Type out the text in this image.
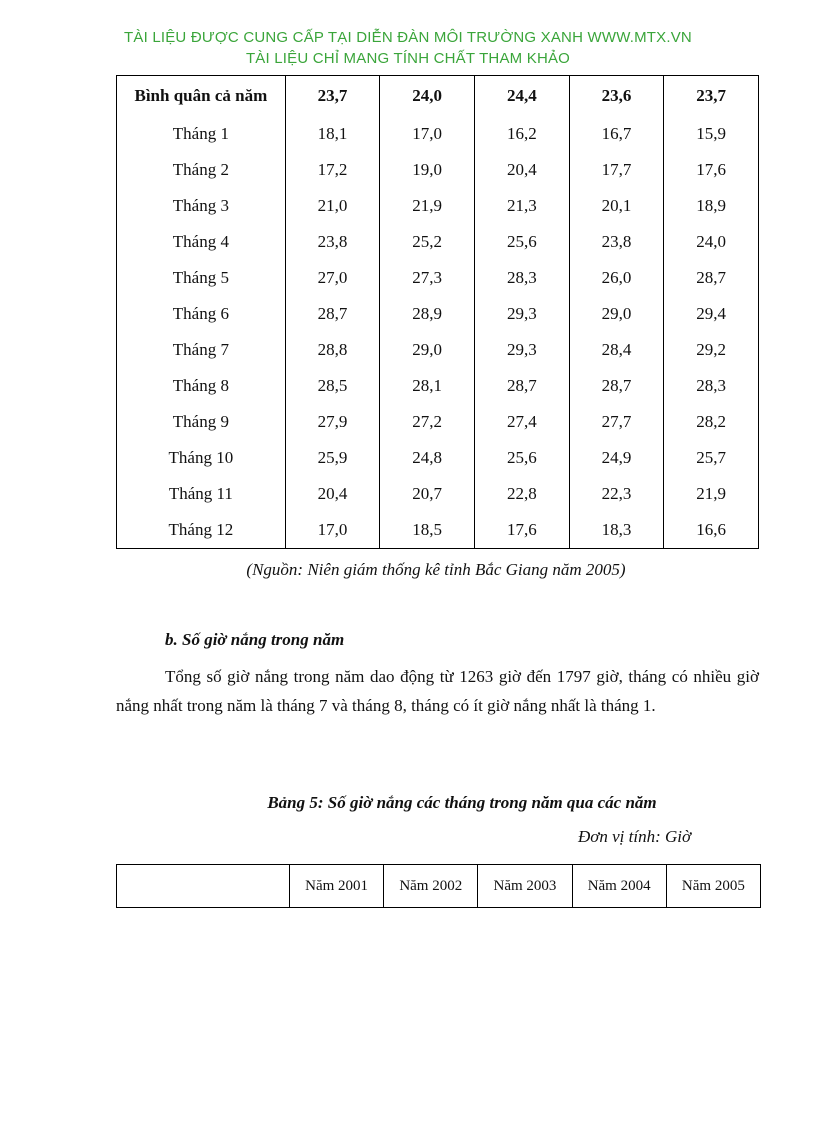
TÀI LIỆU ĐƯỢC CUNG CẤP TẠI DIỄN ĐÀN MÔI TRƯỜNG XANH WWW.MTX.VN
TÀI LIỆU CHỈ MANG TÍNH CHẤT THAM KHẢO
Bình quân cả năm	23,7	24,0	24,4	23,6	23,7
Tháng 1	18,1	17,0	16,2	16,7	15,9
Tháng 2	17,2	19,0	20,4	17,7	17,6
Tháng 3	21,0	21,9	21,3	20,1	18,9
Tháng 4	23,8	25,2	25,6	23,8	24,0
Tháng 5	27,0	27,3	28,3	26,0	28,7
Tháng 6	28,7	28,9	29,3	29,0	29,4
Tháng 7	28,8	29,0	29,3	28,4	29,2
Tháng 8	28,5	28,1	28,7	28,7	28,3
Tháng 9	27,9	27,2	27,4	27,7	28,2
Tháng 10	25,9	24,8	25,6	24,9	25,7
Tháng 11	20,4	20,7	22,8	22,3	21,9
Tháng 12	17,0	18,5	17,6	18,3	16,6
(Nguồn: Niên giám thống kê tỉnh Bắc Giang năm 2005)
b. Số giờ nắng trong năm
Tổng số giờ nắng trong năm dao động từ 1263 giờ đến 1797 giờ, tháng có nhiều giờ nắng nhất trong năm là tháng 7 và tháng 8, tháng có ít giờ nắng nhất là tháng 1.
Bảng 5: Số giờ nắng các tháng trong năm qua các năm
Đơn vị tính: Giờ
	Năm 2001	Năm 2002	Năm 2003	Năm 2004	Năm 2005
